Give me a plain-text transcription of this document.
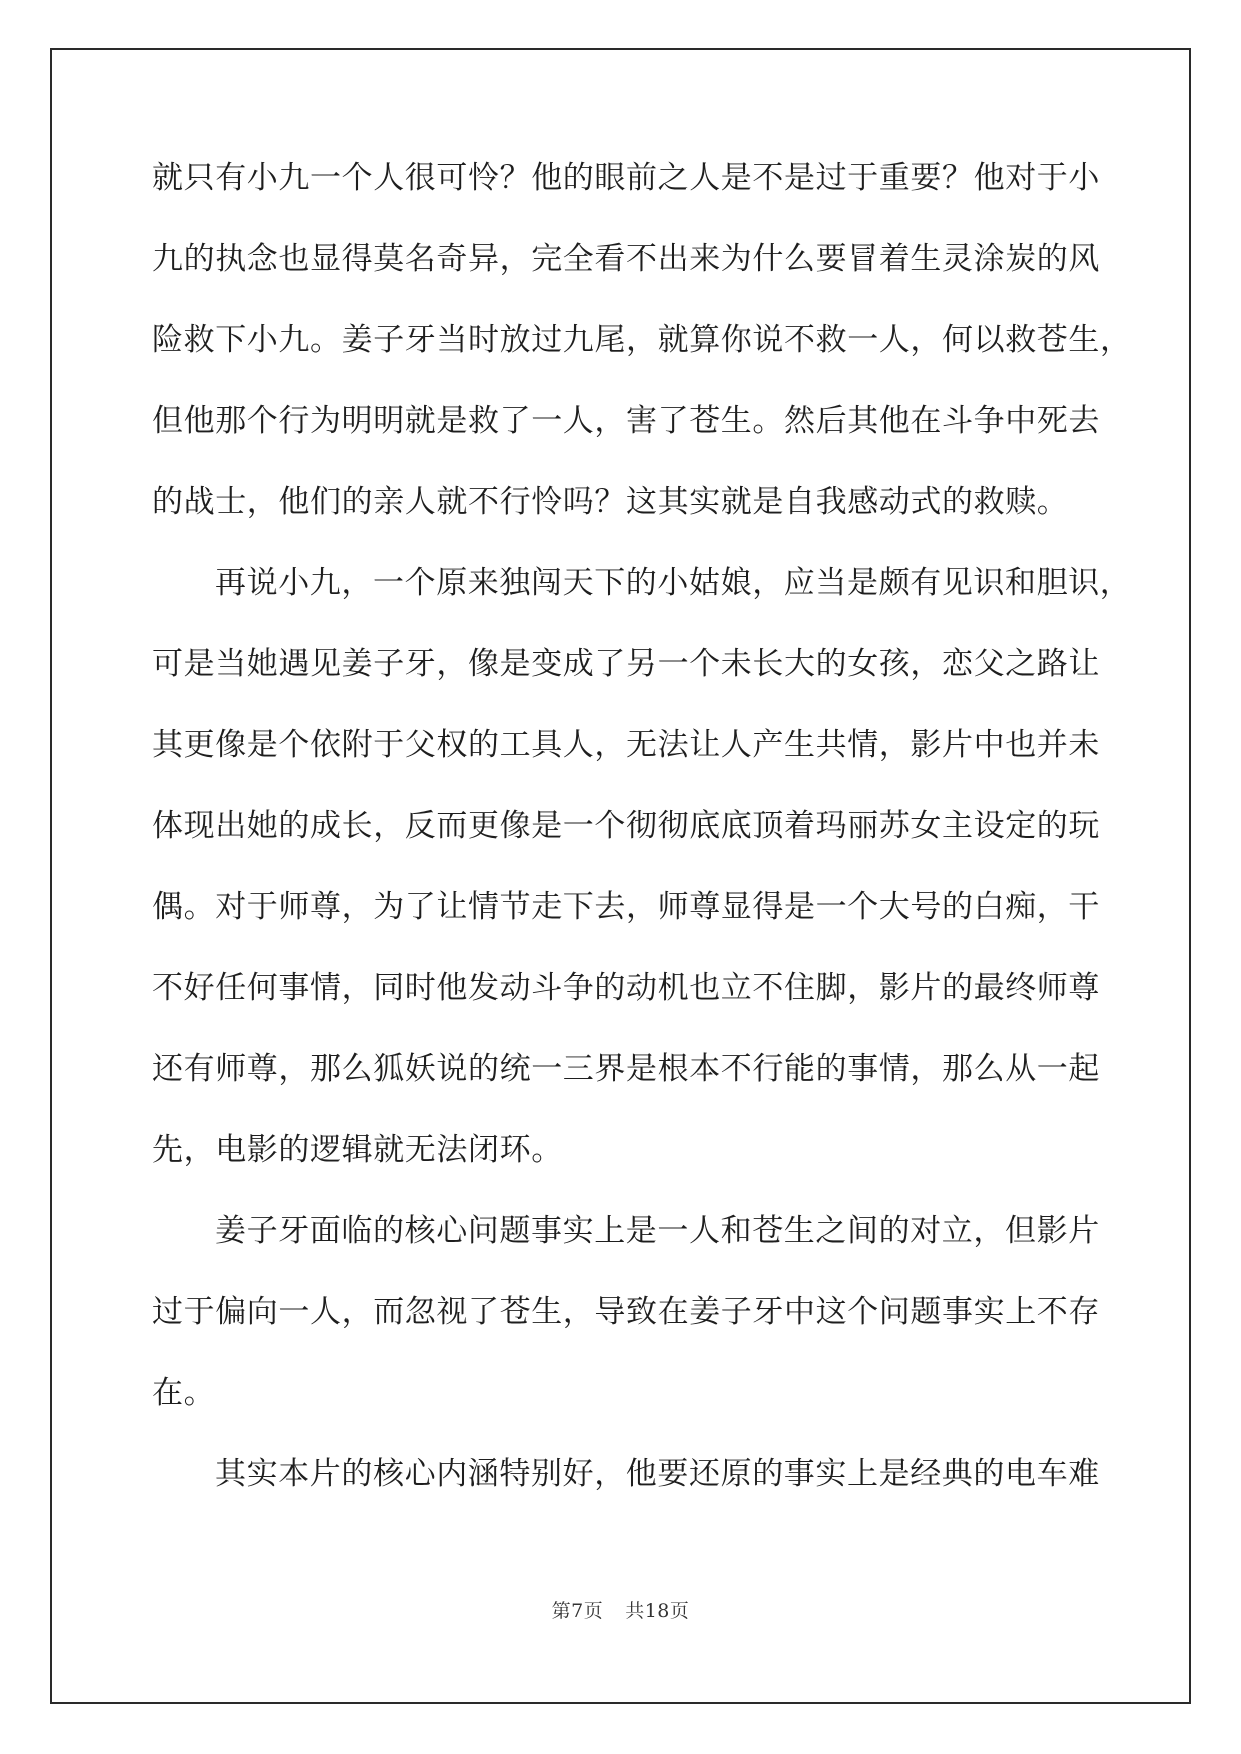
就只有小九一个人很可怜？他的眼前之人是不是过于重要？他对于小
九的执念也显得莫名奇异，完全看不出来为什么要冒着生灵涂炭的风
险救下小九。姜子牙当时放过九尾，就算你说不救一人，何以救苍生，
但他那个行为明明就是救了一人，害了苍生。然后其他在斗争中死去
的战士，他们的亲人就不行怜吗？这其实就是自我感动式的救赎。
再说小九，一个原来独闯天下的小姑娘，应当是颇有见识和胆识，
可是当她遇见姜子牙，像是变成了另一个未长大的女孩，恋父之路让
其更像是个依附于父权的工具人，无法让人产生共情，影片中也并未
体现出她的成长，反而更像是一个彻彻底底顶着玛丽苏女主设定的玩
偶。对于师尊，为了让情节走下去，师尊显得是一个大号的白痴，干
不好任何事情，同时他发动斗争的动机也立不住脚，影片的最终师尊
还有师尊，那么狐妖说的统一三界是根本不行能的事情，那么从一起
先，电影的逻辑就无法闭环。
姜子牙面临的核心问题事实上是一人和苍生之间的对立，但影片
过于偏向一人，而忽视了苍生，导致在姜子牙中这个问题事实上不存
在。
其实本片的核心内涵特别好，他要还原的事实上是经典的电车难
第7页 共18页
